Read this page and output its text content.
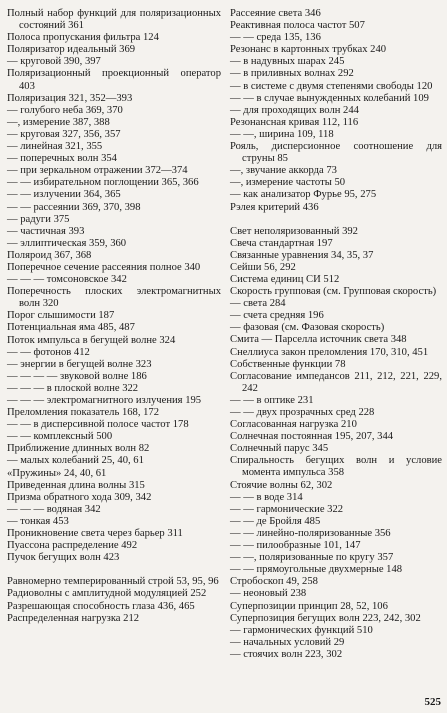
Полный набор функций для поляризационных состояний 361
Полоса пропускания фильтра 124
Поляризатор идеальный 369
— круговой 390, 397
Поляризационный проекционный оператор 403
Поляризация 321, 352—393
— голубого неба 369, 370
—, измерение 387, 388
— круговая 327, 356, 357
— линейная 321, 355
— поперечных волн 354
— при зеркальном отражении 372—374
— — избирательном поглощении 365, 366
— — излучении 364, 365
— — рассеянии 369, 370, 398
— радуги 375
— частичная 393
— эллиптическая 359, 360
Поляроид 367, 368
Поперечное сечение рассеяния полное 340
— — — томсоновское 342
Поперечность плоских электромагнитных волн 320
Порог слышимости 187
Потенциальная яма 485, 487
Поток импульса в бегущей волне 324
— — фотонов 412
— энергии в бегущей волне 323
— — — — звуковой волне 186
— — — в плоской волне 322
— — — электромагнитного излучения 195
Преломления показатель 168, 172
— — в дисперсивной полосе частот 178
— — комплексный 500
Приближение длинных волн 82
— малых колебаний 25, 40, 61
«Пружины» 24, 40, 61
Приведенная длина волны 315
Призма обратного хода 309, 342
— — — водяная 342
— тонкая 453
Проникновение света через барьер 311
Пуассона распределение 492
Пучок бегущих волн 423
Равномерно темперированный строй 53, 95, 96
Радиоволны с амплитудной модуляцией 252
Разрешающая способность глаза 436, 465
Распределенная нагрузка 212
Рассеяние света 346
Реактивная полоса частот 507
— — среда 135, 136
Резонанс в картонных трубках 240
— в надувных шарах 245
— в приливных волнах 292
— в системе с двумя степенями свободы 120
— — в случае вынужденных колебаний 109
— для проходящих волн 244
Резонансная кривая 112, 116
— —, ширина 109, 118
Рояль, дисперсионное соотношение для струны 85
—, звучание аккорда 73
—, измерение частоты 50
— как анализатор Фурье 95, 275
Рэлея критерий 436
Свет неполяризованный 392
Свеча стандартная 197
Связанные уравнения 34, 35, 37
Сейши 56, 292
Система единиц СИ 512
Скорость групповая (см. Групповая скорость)
— света 284
— счета средняя 196
— фазовая (см. Фазовая скорость)
Смита — Парселла источник света 348
Снеллиуса закон преломления 170, 310, 451
Собственные функции 78
Согласование импедансов 211, 212, 221, 229, 242
— — в оптике 231
— — двух прозрачных сред 228
Согласованная нагрузка 210
Солнечная постоянная 195, 207, 344
Солнечный парус 345
Спиральность бегущих волн и условие момента импульса 358
Стоячие волны 62, 302
— — в воде 314
— — гармонические 322
— — де Бройля 485
— — линейно-поляризованные 356
— — пилообразные 101, 147
— —, поляризованные по кругу 357
— — прямоугольные двухмерные 148
Стробоскоп 49, 258
— неоновый 238
Суперпозиции принцип 28, 52, 106
Суперпозиция бегущих волн 223, 242, 302
— гармонических функций 510
— начальных условий 29
— стоячих волн 223, 302
525
